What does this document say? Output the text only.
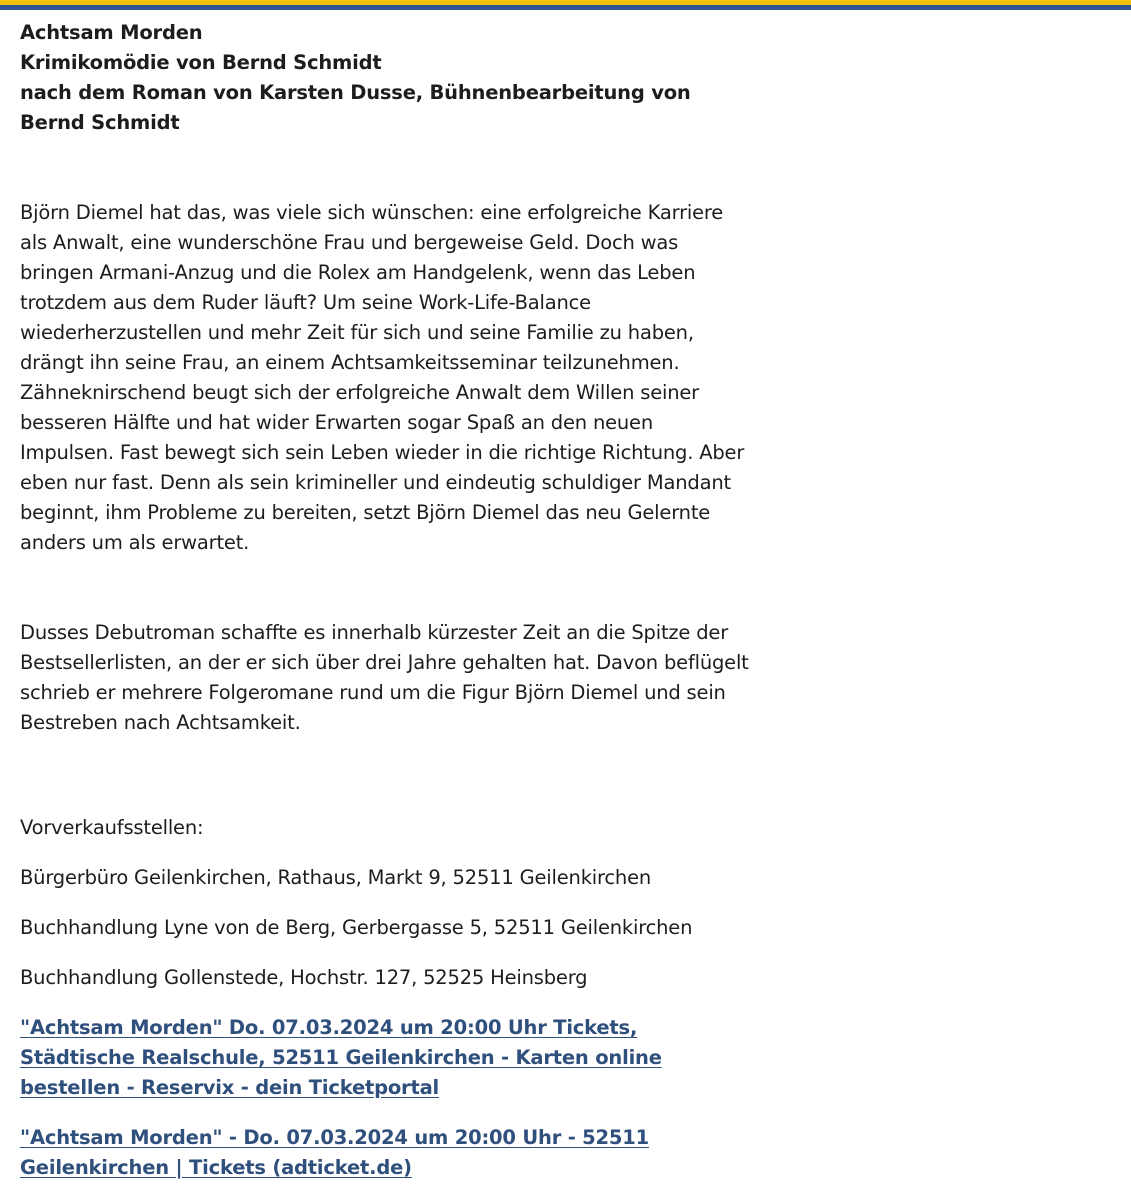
Achtsam Morden

Krimikomödie von Bernd Schmidt

nach dem Roman von Karsten Dusse, Bühnenbearbeitung von Bernd Schmidt

Björn Diemel hat das, was viele sich wünschen: eine erfolgreiche Karriere als Anwalt, eine wunderschöne Frau und bergeweise Geld. Doch was bringen Armani-Anzug und die Rolex am Handgelenk, wenn das Leben trotzdem aus dem Ruder läuft? Um seine Work-Life-Balance wiederherzustellen und mehr Zeit für sich und seine Familie zu haben, drängt ihn seine Frau, an einem Achtsamkeitsseminar teilzunehmen. Zähneknirschend beugt sich der erfolgreiche Anwalt dem Willen seiner besseren Hälfte und hat wider Erwarten sogar Spaß an den neuen Impulsen. Fast bewegt sich sein Leben wieder in die richtige Richtung. Aber eben nur fast. Denn als sein krimineller und eindeutig schuldiger Mandant beginnt, ihm Probleme zu bereiten, setzt Björn Diemel das neu Gelernte anders um als erwartet.

Dusses Debutroman schaffte es innerhalb kürzester Zeit an die Spitze der Bestsellerlisten, an der er sich über drei Jahre gehalten hat. Davon beflügelt schrieb er mehrere Folgeromane rund um die Figur Björn Diemel und sein Bestreben nach Achtsamkeit.

Vorverkaufsstellen:

Bürgerbüro Geilenkirchen, Rathaus, Markt 9, 52511 Geilenkirchen

Buchhandlung Lyne von de Berg, Gerbergasse 5, 52511 Geilenkirchen

Buchhandlung Gollenstede, Hochstr. 127, 52525 Heinsberg

"Achtsam Morden" Do. 07.03.2024 um 20:00 Uhr Tickets, Städtische Realschule, 52511 Geilenkirchen - Karten online bestellen - Reservix - dein Ticketportal

"Achtsam Morden" - Do. 07.03.2024 um 20:00 Uhr - 52511 Geilenkirchen | Tickets (adticket.de)
